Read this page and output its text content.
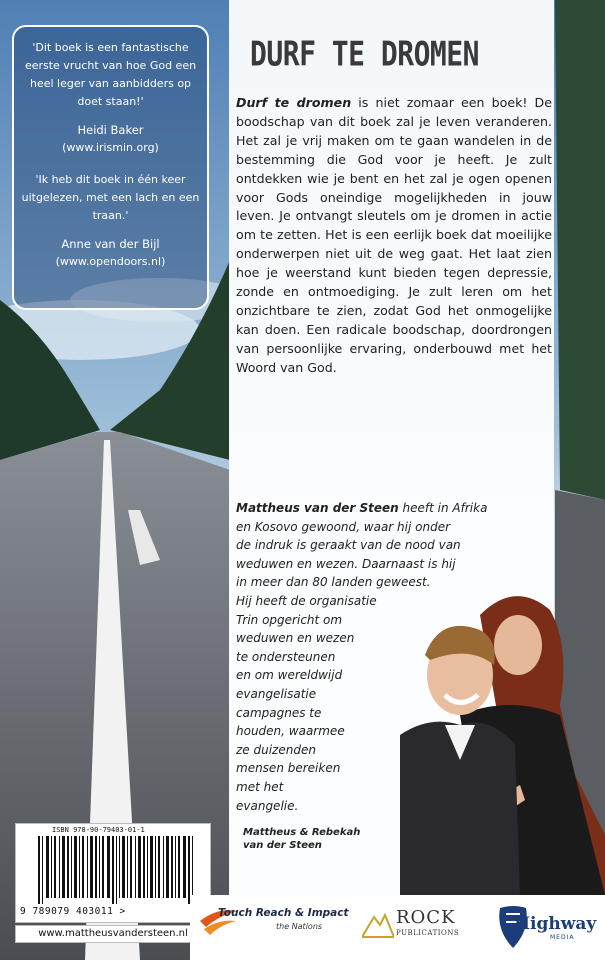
'Dit boek is een fantastische eerste vrucht van hoe God een heel leger van aanbidders op doet staan!'

Heidi Baker

(www.irismin.org)

'Ik heb dit boek in één keer uitgelezen, met een lach en een traan.'

Anne van der Bijl

(www.opendoors.nl)

DURF TE DROMEN

Durf te dromen is niet zomaar een boek! De boodschap van dit boek zal je leven veranderen. Het zal je vrij maken om te gaan wandelen in de bestemming die God voor je heeft. Je zult ontdekken wie je bent en het zal je ogen openen voor Gods oneindige mogelijkheden in jouw leven. Je ontvangt sleutels om je dromen in actie om te zetten. Het is een eerlijk boek dat moeilijke onderwerpen niet uit de weg gaat. Het laat zien hoe je weerstand kunt bieden tegen depressie, zonde en ontmoediging. Je zult leren om het onzichtbare te zien, zodat God het onmogelijke kan doen. Een radicale boodschap, doordrongen van persoonlijke ervaring, onderbouwd met het Woord van God.

Mattheus van der Steen heeft in Afrika
en Kosovo gewoond, waar hij onder
de indruk is geraakt van de nood van
weduwen en wezen. Daarnaast is hij
in meer dan 80 landen geweest.
Hij heeft de organisatie
Trin opgericht om
weduwen en wezen
te ondersteunen
en om wereldwijd
evangelisatie
campagnes te
houden, waarmee
ze duizenden
mensen bereiken
met het
evangelie.
Mattheus & Rebekah
van der Steen
ISBN 978-90-79403-01-1
9 789079 403011 >
www.mattheusvandersteen.nl
Touch Reach & Impact
the Nations	ROCK
PUBLICATIONS	Highway
MEDIA
